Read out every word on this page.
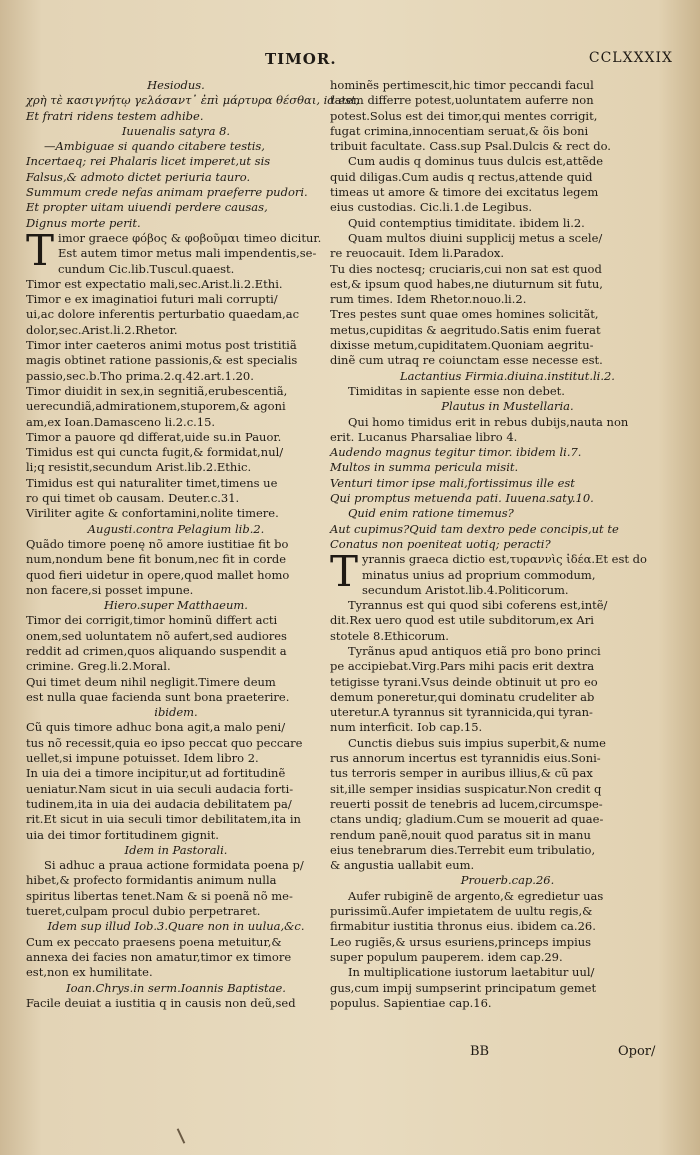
TIMOR.	CCLXXXIX
Hesiodus.
χρὴ τὲ κασιγνήτῳ γελάσαντ᾽ ἐπὶ μάρτυρα θέσθαι, id est,
Et fratri ridens testem adhibe.
Iuuenalis satyra 8.
—Ambiguae si quando citabere testis,
Incertaeq; rei Phalaris licet imperet,ut sis
Falsus,& admoto dictet periuria tauro.
Summum crede nefas animam praeferre pudori.
Et propter uitam uiuendi perdere causas,
Dignus morte perit.
T imor graece φόβος & φοβοῦμαι timeo dicitur.
Est autem timor metus mali impendentis,se-
cundum Cic.lib.Tuscul.quaest.
Timor est expectatio mali,sec.Arist.li.2.Ethi.
Timor e ex imaginatioi futuri mali corrupti/
ui,ac dolore inferentis perturbatio quaedam,ac
dolor,sec.Arist.li.2.Rhetor.
Timor inter caeteros animi motus post tristitiã
magis obtinet ratione passionis,& est specialis
passio,sec.b.Tho prima.2.q.42.art.1.20.
Timor diuidit in sex,in segnitiã,erubescentiã,
uerecundiã,admirationem,stuporem,& agoni
am,ex Ioan.Damasceno li.2.c.15.
Timor a pauore qd differat,uide su.in Pauor.
Timidus est qui cuncta fugit,& formidat,nul/
li;q resistit,secundum Arist.lib.2.Ethic.
Timidus est qui naturaliter timet,timens ue
ro qui timet ob causam. Deuter.c.31.
Viriliter agite & confortamini,nolite timere.
Augusti.contra Pelagium lib.2.
Quãdo timore poenę nõ amore iustitiae fit bo
num,nondum bene fit bonum,nec fit in corde
quod fieri uidetur in opere,quod mallet homo
non facere,si posset impune.
Hiero.super Matthaeum.
Timor dei corrigit,timor hominũ differt acti
onem,sed uoluntatem nõ aufert,sed audiores
reddit ad crimen,quos aliquando suspendit a
crimine. Greg.li.2.Moral.
Qui timet deum nihil negligit.Timere deum
est nulla quae facienda sunt bona praeterire.
ibidem.
Cũ quis timore adhuc bona agit,a malo peni/
tus nõ recessit,quia eo ipso peccat quo peccare
uellet,si impune potuisset. Idem libro 2.
In uia dei a timore incipitur,ut ad fortitudinẽ
ueniatur.Nam sicut in uia seculi audacia forti-
tudinem,ita in uia dei audacia debilitatem pa/
rit.Et sicut in uia seculi timor debilitatem,ita in
uia dei timor fortitudinem gignit.
Idem in Pastorali.
Si adhuc a praua actione formidata poena p/
hibet,& profecto formidantis animum nulla
spiritus libertas tenet.Nam & si poenã nõ me-
tueret,culpam procul dubio perpetraret.
Idem sup illud Iob.3.Quare non in uulua,&c.
Cum ex peccato praesens poena metuitur,&
annexa dei facies non amatur,timor ex timore
est,non ex humilitate.
Ioan.Chrys.in serm.Ioannis Baptistae.
Facile deuiat a iustitia q in causis non deũ,sed
hominẽs pertimescit,hic timor peccandi facul
tatem differre potest,uoluntatem auferre non
potest.Solus est dei timor,qui mentes corrigit,
fugat crimina,innocentiam seruat,& õis boni
tribuit facultate. Cass.sup Psal.Dulcis & rect do.
Cum audis q dominus tuus dulcis est,attẽde
quid diligas.Cum audis q rectus,attende quid
timeas ut amore & timore dei excitatus legem
eius custodias. Cic.li.1.de Legibus.
Quid contemptius timiditate. ibidem li.2.
Quam multos diuini supplicij metus a scele/
re reuocauit. Idem li.Paradox.
Tu dies noctesq; cruciaris,cui non sat est quod
est,& ipsum quod habes,ne diuturnum sit futu,
rum times. Idem Rhetor.nouo.li.2.
Tres pestes sunt quae omes homines solicitãt,
metus,cupiditas & aegritudo.Satis enim fuerat
dixisse metum,cupiditatem.Quoniam aegritu-
dinẽ cum utraq re coiunctam esse necesse est.
Lactantius Firmia.diuina.institut.li.2.
Timiditas in sapiente esse non debet.
Plautus in Mustellaria.
Qui homo timidus erit in rebus dubijs,nauta non
erit. Lucanus Pharsaliae libro 4.
Audendo magnus tegitur timor. ibidem li.7.
Multos in summa pericula misit.
Venturi timor ipse mali,fortissimus ille est
Qui promptus metuenda pati. Iuuena.saty.10.
Quid enim ratione timemus?
Aut cupimus?Quid tam dextro pede concipis,ut te
Conatus non poeniteat uotiq; peracti?
T yrannis graeca dictio est,τυραννὶς ἰδέα.Et est do
minatus unius ad proprium commodum,
secundum Aristot.lib.4.Politicorum.
Tyrannus est qui quod sibi coferens est,intẽ/
dit.Rex uero quod est utile subditorum,ex Ari
stotele 8.Ethicorum.
Tyrãnus apud antiquos etiã pro bono princi
pe accipiebat.Virg.Pars mihi pacis erit dextra
tetigisse tyrani.Vsus deinde obtinuit ut pro eo
demum poneretur,qui dominatu crudeliter ab
uteretur.A tyrannus sit tyrannicida,qui tyran-
num interficit. Iob cap.15.
Cunctis diebus suis impius superbit,& nume
rus annorum incertus est tyrannidis eius.Soni-
tus terroris semper in auribus illius,& cũ pax
sit,ille semper insidias suspicatur.Non credit q
reuerti possit de tenebris ad lucem,circumspe-
ctans undiq; gladium.Cum se mouerit ad quae-
rendum panẽ,nouit quod paratus sit in manu
eius tenebrarum dies.Terrebit eum tribulatio,
& angustia uallabit eum.
Prouerb.cap.26.
Aufer rubiginẽ de argento,& egredietur uas
purissimũ.Aufer impietatem de uultu regis,&
firmabitur iustitia thronus eius. ibidem ca.26.
Leo rugiẽs,& ursus esuriens,princeps impius
super populum pauperem. idem cap.29.
In multiplicatione iustorum laetabitur uul/
gus,cum impij sumpserint principatum gemet
populus. Sapientiae cap.16.
BB	Opor/
